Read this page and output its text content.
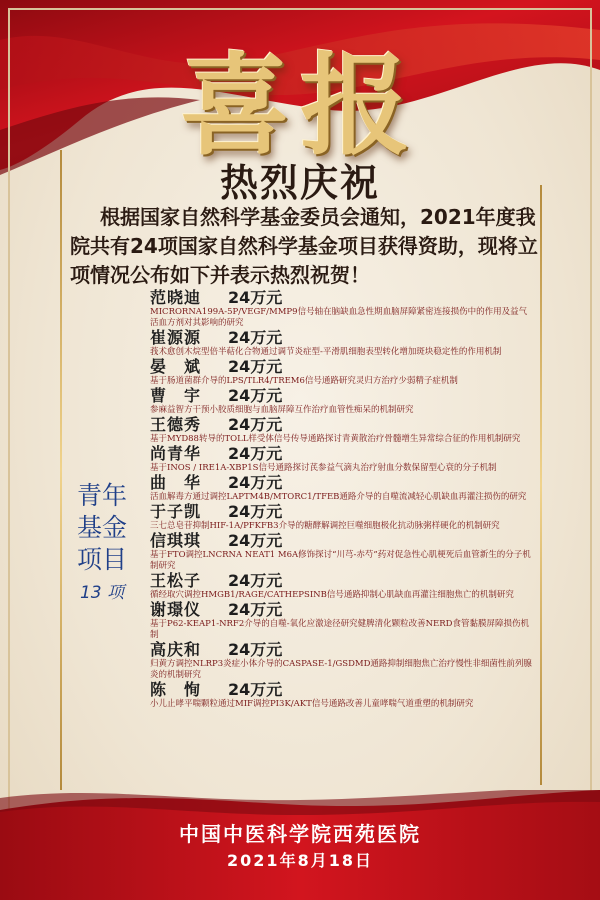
喜报
热烈庆祝
根据国家自然科学基金委员会通知，2021年度我院共有24项国家自然科学基金项目获得资助，现将立项情况公布如下并表示热烈祝贺！
青年
基金
项目
13 项
范晓迪 24万元
MICRORNA199A-5P/VEGF/MMP9信号轴在脑缺血急性期血脑屏障紧密连接损伤中的作用及益气活血方剂对其影响的研究
崔源源 24万元
莪术愈创木烷型倍半萜化合物通过调节炎症型-平滑肌细胞表型转化增加斑块稳定性的作用机制
晏　斌 24万元
基于肠道菌群介导的LPS/TLR4/TREM6信号通路研究灵归方治疗少弱精子症机制
曹　宇 24万元
参麻益智方干预小胶质细胞与血脑屏障互作治疗血管性痴呆的机制研究
王德秀 24万元
基于MYD88转导的TOLL样受体信号传导通路探讨青黄散治疗骨髓增生异常综合征的作用机制研究
尚青华 24万元
基于INOS / IRE1Α-XBP1S信号通路探讨芪参益气滴丸治疗射血分数保留型心衰的分子机制
曲　华 24万元
活血解毒方通过调控LAPTM4B/MTORC1/TFEB通路介导的自噬流减轻心肌缺血再灌注损伤的研究
于子凯 24万元
三七总皂苷抑制HIF-1Α/PFKFB3介导的糖酵解调控巨噬细胞极化抗动脉粥样硬化的机制研究
信琪琪 24万元
基于FTO调控LNCRNA NEAT1 M6A修饰探讨“川芎-赤芍”药对促急性心肌梗死后血管新生的分子机制研究
王松子 24万元
循经取穴调控HMGB1/RAGE/CATHEPSINB信号通路抑制心肌缺血再灌注细胞焦亡的机制研究
谢璟仪 24万元
基于P62-KEAP1-NRF2介导的自噬-氧化应激途径研究健脾清化颗粒改善NERD食管黏膜屏障损伤机制
高庆和 24万元
归黄方调控NLRP3炎症小体介导的CASPASE-1/GSDMD通路抑制细胞焦亡治疗慢性非细菌性前列腺炎的机制研究
陈　恂 24万元
小儿止哮平喘颗粒通过MIF调控PI3K/AKT信号通路改善儿童哮喘气道重塑的机制研究
中国中医科学院西苑医院
2021年8月18日
